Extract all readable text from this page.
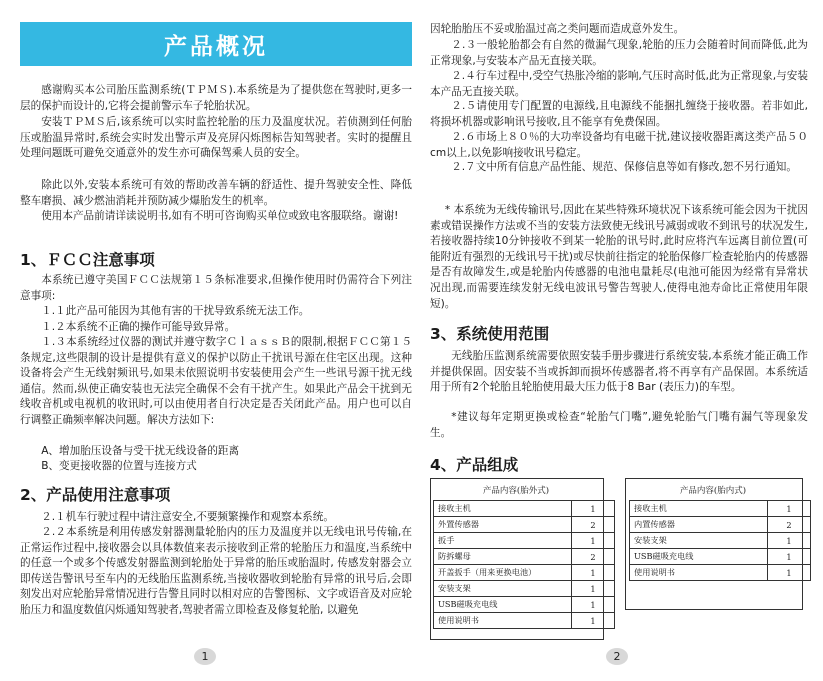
产品概况

感谢购买本公司胎压监测系统(ＴＰＭＳ).本系统是为了提供您在驾驶时,更多一层的保护而设计的,它将会提前警示车子轮胎状况。

安装ＴＰＭＳ后,该系统可以实时监控轮胎的压力及温度状况。若侦测到任何胎压或胎温异常时,系统会实时发出警示声及亮屏闪烁图标告知驾驶者。实时的提醒且处理问题既可避免交通意外的发生亦可确保驾乘人员的安全。

除此以外,安装本系统可有效的帮助改善车辆的舒适性、提升驾驶安全性、降低整车磨损、减少燃油消耗并预防减少爆胎发生的机率。

使用本产品前请详读说明书,如有不明可咨询购买单位或致电客服联络。谢谢!

1、ＦＣＣ注意事项

本系统已遵守美国ＦＣＣ法规第１５条标准要求,但操作使用时仍需符合下列注意事项:

１.１此产品可能因为其他有害的干扰导致系统无法工作。

１.２本系统不正确的操作可能导致异常。

１.３本系统经过仪器的测试并遵守数字ＣｌａｓｓＢ的限制,根据ＦＣＣ第１５条规定,这些限制的设计是提供有意义的保护以防止干扰讯号源在住宅区出现。这种设备将会产生无线射频讯号,如果未依照说明书安装使用会产生一些讯号源干扰无线通信。然而,纵使正确安装也无法完全确保不会有干扰产生。如果此产品会干扰到无线收音机或电视机的收讯时,可以由使用者自行决定是否关闭此产品。用户也可以自行调整正确频率解决问题。解决方法如下:

A、增加胎压设备与受干扰无线设备的距离

B、变更接收器的位置与连接方式

2、产品使用注意事项

２.１机车行驶过程中请注意安全,不要频繁操作和观察本系统。

２.２本系统是利用传感发射器测量轮胎内的压力及温度并以无线电讯号传输,在正常运作过程中,接收器会以具体数值来表示接收到正常的轮胎压力和温度,当系统中的任意一个或多个传感发射器监测到轮胎处于异常的胎压或胎温时, 传感发射器会立即传送告警讯号至车内的无线胎压监测系统,当接收器收到轮胎有异常的讯号后,会即刻发出对应轮胎异常情况进行告警且同时以相对应的告警图标、文字或语音及对应轮胎压力和温度数值闪烁通知驾驶者,驾驶者需立即检查及修复轮胎, 以避免

1

因轮胎胎压不妥或胎温过高之类问题而造成意外发生。

２.３一般轮胎都会有自然的微漏气现象,轮胎的压力会随着时间而降低,此为正常现象,与安装本产品无直接关联。

２.４行车过程中,受空气热胀冷缩的影响,气压时高时低,此为正常现象,与安装本产品无直接关联。

２.５请使用专门配置的电源线,且电源线不能捆扎缠绕于接收器。若非如此,将损坏机器或影响讯号接收,且不能享有免费保固。

２.６市场上８０％的大功率设备均有电磁干扰,建议接收器距离这类产品５０cm以上,以免影响接收讯号稳定。

２.７文中所有信息产品性能、规范、保修信息等如有修改,恕不另行通知。

* 本系统为无线传输讯号,因此在某些特殊环境状况下该系统可能会因为干扰因素或错误操作方法或不当的安装方法致使无线讯号减弱或收不到讯号的状况发生,若接收器持续10分钟接收不到某一轮胎的讯号时,此时应将汽车远离目前位置(可能附近有强烈的无线讯号干扰)或尽快前往指定的轮胎保修厂检查轮胎内的传感器是否有故障发生,或是轮胎内传感器的电池电量耗尽(电池可能因为经常有异常状况出现,而需要连续发射无线电波讯号警告驾驶人,使得电池寿命比正常使用年限短)。

3、系统使用范围

无线胎压监测系统需要依照安装手册步骤进行系统安装,本系统才能正确工作并提供保固。因安装不当或拆卸而损坏传感器者,将不再享有产品保固。本系统适用于所有2个轮胎且轮胎使用最大压力低于8 Bar (表压力)的车型。

*建议每年定期更换或检查“轮胎气门嘴”,避免轮胎气门嘴有漏气等现象发生。

4、产品组成
产品内容(胎外式)
接收主机	1
外置传感器	2
扳手	1
防拆螺母	2
开盖扳手（用来更换电池）	1
安装支架	1
USB磁吸充电线	1
使用说明书	1
产品内容(胎内式)
接收主机	1
内置传感器	2
安装支架	1
USB磁吸充电线	1
使用说明书	1
2
